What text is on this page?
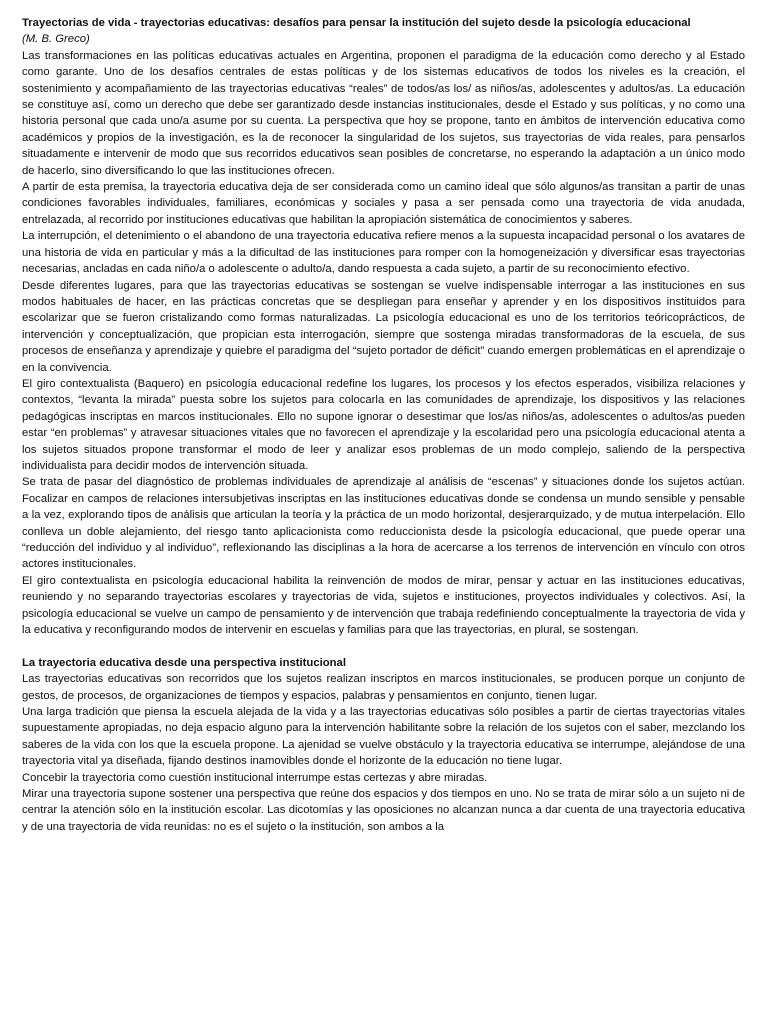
Trayectorias de vida - trayectorias educativas: desafíos para pensar la institución del sujeto desde la psicología educacional
(M. B. Greco)

Las transformaciones en las políticas educativas actuales en Argentina, proponen el paradigma de la educación como derecho y al Estado como garante. Uno de los desafíos centrales de estas políticas y de los sistemas educativos de todos los niveles es la creación, el sostenimiento y acompañamiento de las trayectorias educativas “reales” de todos/as los/ as niños/as, adolescentes y adultos/as. La educación se constituye así, como un derecho que debe ser garantizado desde instancias institucionales, desde el Estado y sus políticas, y no como una historia personal que cada uno/a asume por su cuenta. La perspectiva que hoy se propone, tanto en ámbitos de intervención educativa como académicos y propios de la investigación, es la de reconocer la singularidad de los sujetos, sus trayectorias de vida reales, para pensarlos situadamente e intervenir de modo que sus recorridos educativos sean posibles de concretarse, no esperando la adaptación a un único modo de hacerlo, sino diversificando lo que las instituciones ofrecen.

A partir de esta premisa, la trayectoria educativa deja de ser considerada como un camino ideal que sólo algunos/as transitan a partir de unas condiciones favorables individuales, familiares, económicas y sociales y pasa a ser pensada como una trayectoria de vida anudada, entrelazada, al recorrido por instituciones educativas que habilitan la apropiación sistemática de conocimientos y saberes.

La interrupción, el detenimiento o el abandono de una trayectoria educativa refiere menos a la supuesta incapacidad personal o los avatares de una historia de vida en particular y más a la dificultad de las instituciones para romper con la homogeneización y diversificar esas trayectorias necesarias, ancladas en cada niño/a o adolescente o adulto/a, dando respuesta a cada sujeto, a partir de su reconocimiento efectivo.

Desde diferentes lugares, para que las trayectorias educativas se sostengan se vuelve indispensable interrogar a las instituciones en sus modos habituales de hacer, en las prácticas concretas que se despliegan para enseñar y aprender y en los dispositivos instituidos para escolarizar que se fueron cristalizando como formas naturalizadas. La psicología educacional es uno de los territorios teóricoprácticos, de intervención y conceptualización, que propician esta interrogación, siempre que sostenga miradas transformadoras de la escuela, de sus procesos de enseñanza y aprendizaje y quiebre el paradigma del “sujeto portador de déficit” cuando emergen problemáticas en el aprendizaje o en la convivencia.

El giro contextualista (Baquero) en psicología educacional redefine los lugares, los procesos y los efectos esperados, visibiliza relaciones y contextos, “levanta la mirada” puesta sobre los sujetos para colocarla en las comunidades de aprendizaje, los dispositivos y las relaciones pedagógicas inscriptas en marcos institucionales. Ello no supone ignorar o desestimar que los/as niños/as, adolescentes o adultos/as pueden estar “en problemas” y atravesar situaciones vitales que no favorecen el aprendizaje y la escolaridad pero una psicología educacional atenta a los sujetos situados propone transformar el modo de leer y analizar esos problemas de un modo complejo, saliendo de la perspectiva individualista para decidir modos de intervención situada.

Se trata de pasar del diagnóstico de problemas individuales de aprendizaje al análisis de “escenas” y situaciones donde los sujetos actúan. Focalizar en campos de relaciones intersubjetivas inscriptas en las instituciones educativas donde se condensa un mundo sensible y pensable a la vez, explorando tipos de análisis que articulan la teoría y la práctica de un modo horizontal, desjerarquizado, y de mutua interpelación. Ello conlleva un doble alejamiento, del riesgo tanto aplicacionista como reduccionista desde la psicología educacional, que puede operar una “reducción del individuo y al individuo”, reflexionando las disciplinas a la hora de acercarse a los terrenos de intervención en vínculo con otros actores institucionales.

El giro contextualista en psicología educacional habilita la reinvención de modos de mirar, pensar y actuar en las instituciones educativas, reuniendo y no separando trayectorias escolares y trayectorias de vida, sujetos e instituciones, proyectos individuales y colectivos. Así, la psicología educacional se vuelve un campo de pensamiento y de intervención que trabaja redefiniendo conceptualmente la trayectoria de vida y la educativa y reconfigurando modos de intervenir en escuelas y familias para que las trayectorias, en plural, se sostengan.

La trayectoria educativa desde una perspectiva institucional

Las trayectorias educativas son recorridos que los sujetos realizan inscriptos en marcos institucionales, se producen porque un conjunto de gestos, de procesos, de organizaciones de tiempos y espacios, palabras y pensamientos en conjunto, tienen lugar.

Una larga tradición que piensa la escuela alejada de la vida y a las trayectorias educativas sólo posibles a partir de ciertas trayectorias vitales supuestamente apropiadas, no deja espacio alguno para la intervención habilitante sobre la relación de los sujetos con el saber, mezclando los saberes de la vida con los que la escuela propone. La ajenidad se vuelve obstáculo y la trayectoria educativa se interrumpe, alejándose de una trayectoria vital ya diseñada, fijando destinos inamovibles donde el horizonte de la educación no tiene lugar.

Concebir la trayectoria como cuestión institucional interrumpe estas certezas y abre miradas.

Mirar una trayectoria supone sostener una perspectiva que reúne dos espacios y dos tiempos en uno. No se trata de mirar sólo a un sujeto ni de centrar la atención sólo en la institución escolar. Las dicotomías y las oposiciones no alcanzan nunca a dar cuenta de una trayectoria educativa y de una trayectoria de vida reunidas: no es el sujeto o la institución, son ambos a la
